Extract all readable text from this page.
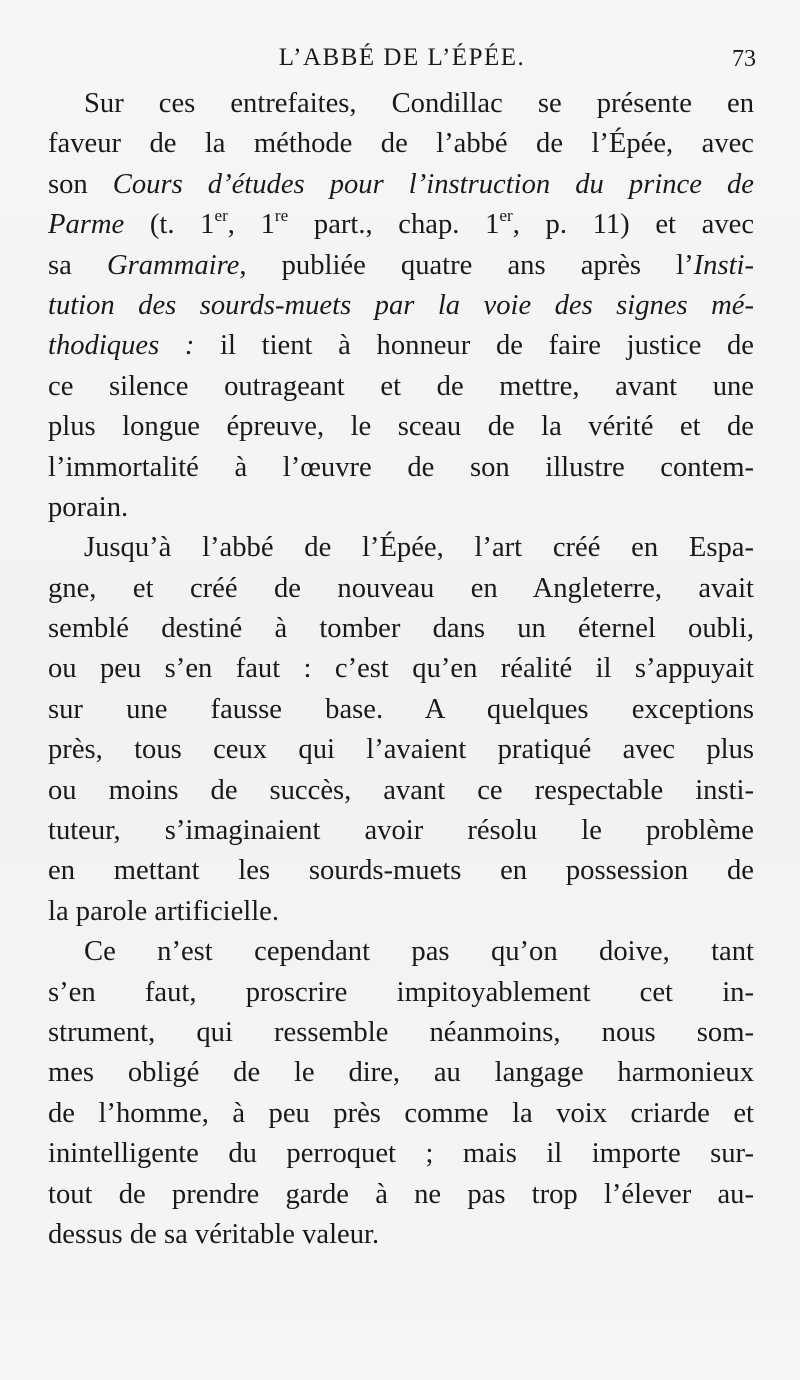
L’ABBÉ DE L’ÉPÉE.	73
Sur ces entrefaites, Condillac se présente en
faveur de la méthode de l’abbé de l’Épée, avec
son Cours d’études pour l’instruction du prince de
Parme (t. 1er, 1re part., chap. 1er, p. 11) et avec
sa Grammaire, publiée quatre ans après l’Insti-
tution des sourds-muets par la voie des signes mé-
thodiques : il tient à honneur de faire justice de
ce silence outrageant et de mettre, avant une
plus longue épreuve, le sceau de la vérité et de
l’immortalité à l’œuvre de son illustre contem-
porain.
Jusqu’à l’abbé de l’Épée, l’art créé en Espa-
gne, et créé de nouveau en Angleterre, avait
semblé destiné à tomber dans un éternel oubli,
ou peu s’en faut : c’est qu’en réalité il s’appuyait
sur une fausse base. A quelques exceptions
près, tous ceux qui l’avaient pratiqué avec plus
ou moins de succès, avant ce respectable insti-
tuteur, s’imaginaient avoir résolu le problème
en mettant les sourds-muets en possession de
la parole artificielle.
Ce n’est cependant pas qu’on doive, tant
s’en faut, proscrire impitoyablement cet in-
strument, qui ressemble néanmoins, nous som-
mes obligé de le dire, au langage harmonieux
de l’homme, à peu près comme la voix criarde et
inintelligente du perroquet ; mais il importe sur-
tout de prendre garde à ne pas trop l’élever au-
dessus de sa véritable valeur.
